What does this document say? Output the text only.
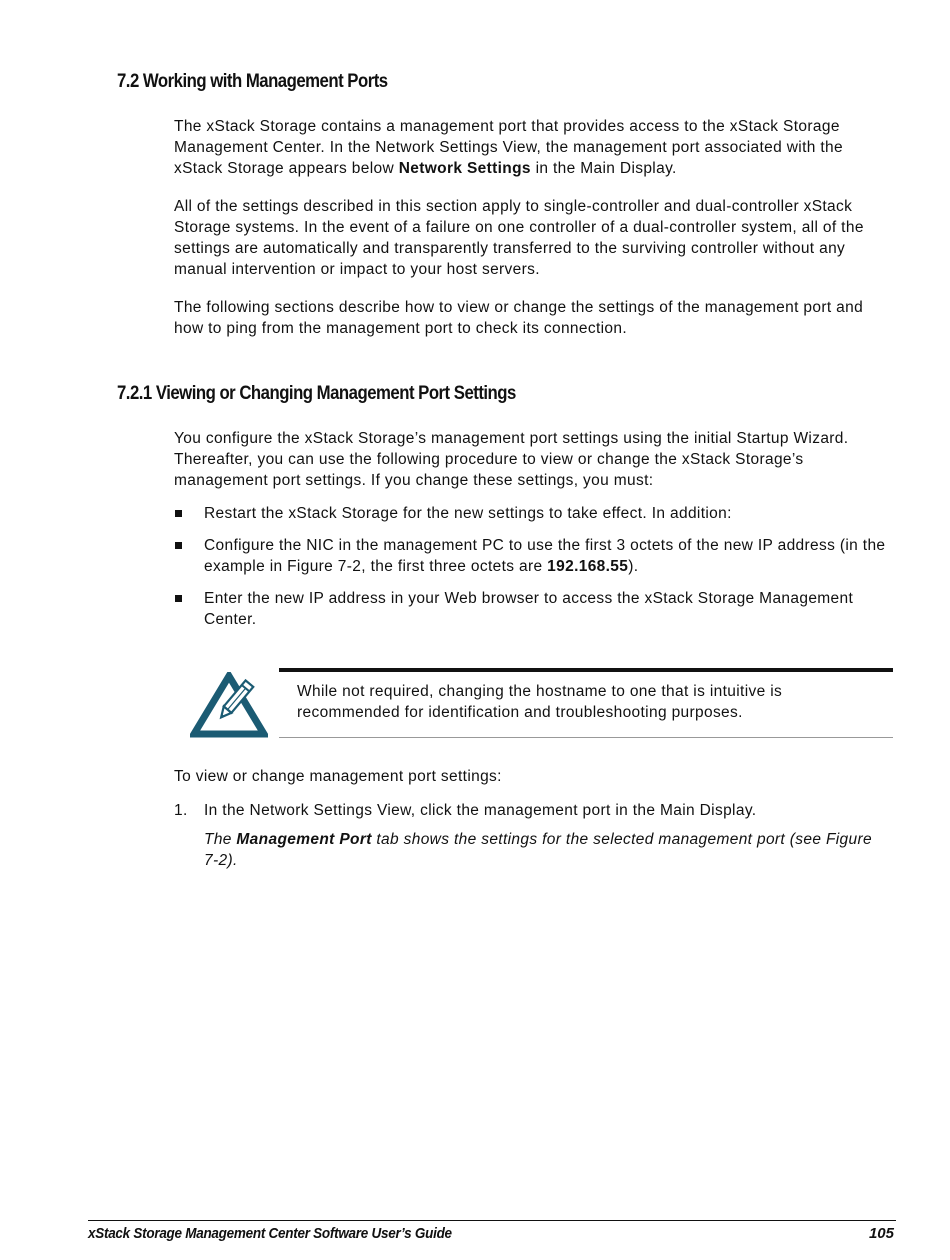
7.2 Working with Management Ports

The xStack Storage contains a management port that provides access to the xStack Storage Management Center. In the Network Settings View, the management port associated with the xStack Storage appears below Network Settings in the Main Display.

All of the settings described in this section apply to single-controller and dual-controller xStack Storage systems. In the event of a failure on one controller of a dual-controller system, all of the settings are automatically and transparently transferred to the surviving controller without any manual intervention or impact to your host servers.

The following sections describe how to view or change the settings of the management port and how to ping from the management port to check its connection.

7.2.1 Viewing or Changing Management Port Settings

You configure the xStack Storage’s management port settings using the initial Startup Wizard. Thereafter, you can use the following procedure to view or change the xStack Storage’s management port settings. If you change these settings, you must:

Restart the xStack Storage for the new settings to take effect. In addition:
Configure the NIC in the management PC to use the first 3 octets of the new IP address (in the example in Figure 7-2, the first three octets are 192.168.55).
Enter the new IP address in your Web browser to access the xStack Storage Management Center.

While not required, changing the hostname to one that is intuitive is recommended for identification and troubleshooting purposes.

To view or change management port settings:

1. In the Network Settings View, click the management port in the Main Display.

The Management Port tab shows the settings for the selected management port (see Figure 7-2).

xStack Storage Management Center Software User’s Guide	105
